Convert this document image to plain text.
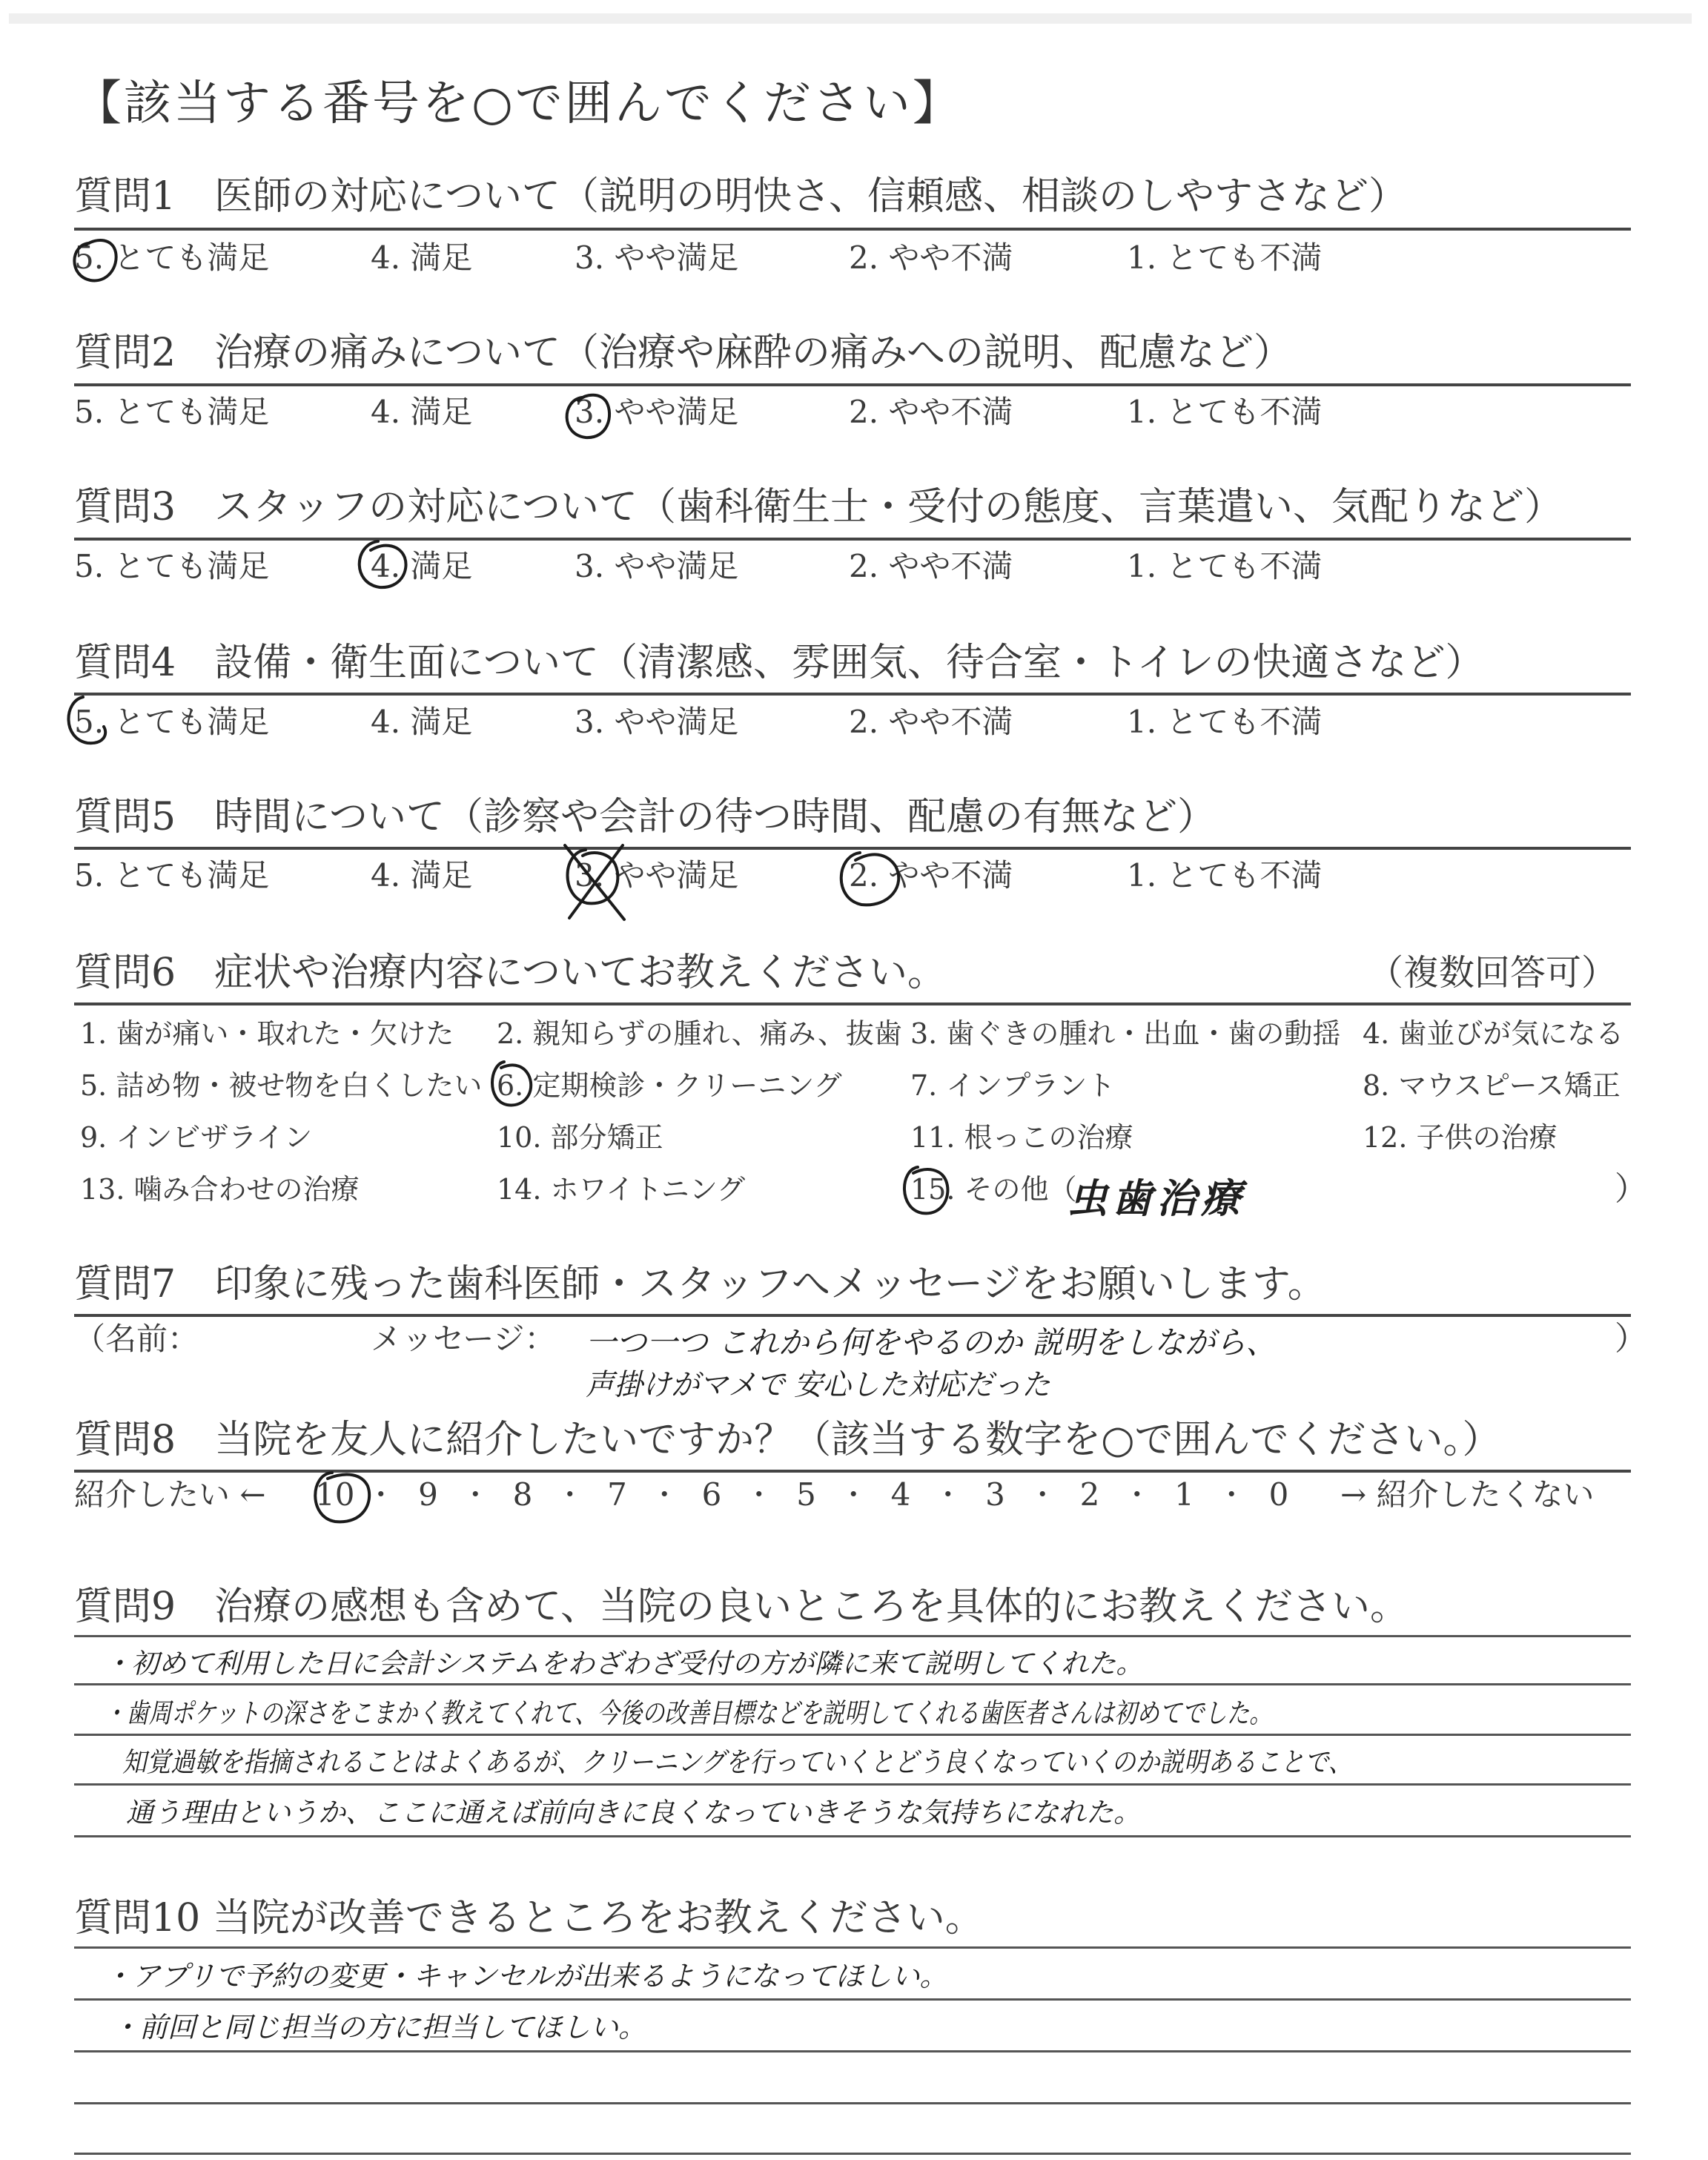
【該当する番号を○で囲んでください】
質問1　医師の対応について（説明の明快さ、信頼感、相談のしやすさなど）
5. とても満足	4. 満足	3. やや満足	2. やや不満	1. とても不満
質問2　治療の痛みについて（治療や麻酔の痛みへの説明、配慮など）
5. とても満足	4. 満足	3. やや満足	2. やや不満	1. とても不満
質問3　スタッフの対応について（歯科衛生士・受付の態度、言葉遣い、気配りなど）
5. とても満足	4. 満足	3. やや満足	2. やや不満	1. とても不満
質問4　設備・衛生面について（清潔感、雰囲気、待合室・トイレの快適さなど）
5. とても満足	4. 満足	3. やや満足	2. やや不満	1. とても不満
質問5　時間について（診察や会計の待つ時間、配慮の有無など）
5. とても満足	4. 満足	3. やや満足	2. やや不満	1. とても不満
質問6　症状や治療内容についてお教えください。	（複数回答可）
1. 歯が痛い・取れた・欠けた 2. 親知らずの腫れ、痛み、抜歯 3. 歯ぐきの腫れ・出血・歯の動揺 4. 歯並びが気になる
5. 詰め物・被せ物を白くしたい 6. 定期検診・クリーニング 7. インプラント	8. マウスピース矯正
9. インビザライン	10. 部分矯正	11. 根っこの治療	12. 子供の治療
13. 噛み合わせの治療	14. ホワイトニング	15. その他（
虫歯治療	）
質問7　印象に残った歯科医師・スタッフへメッセージをお願いします。
（名前：	メッセージ：	）
一つ一つ これから何をやるのか 説明をしながら、
声掛けがマメで 安心した対応だった
質問8　当院を友人に紹介したいですか？（該当する数字を○で囲んでください。）
紹介したい ← 10 ・ 9 ・ 8 ・ 7 ・ 6 ・ 5 ・ 4 ・ 3 ・ 2 ・ 1 ・ 0 → 紹介したくない
質問9　治療の感想も含めて、当院の良いところを具体的にお教えください。
・初めて利用した日に会計システムをわざわざ受付の方が隣に来て説明してくれた。
・歯周ポケットの深さをこまかく教えてくれて、今後の改善目標などを説明してくれる歯医者さんは初めてでした。
知覚過敏を指摘されることはよくあるが、クリーニングを行っていくとどう良くなっていくのか説明あることで、
通う理由というか、ここに通えば前向きに良くなっていきそうな気持ちになれた。
質問10 当院が改善できるところをお教えください。
・アプリで予約の変更・キャンセルが出来るようになってほしい。
・前回と同じ担当の方に担当してほしい。
